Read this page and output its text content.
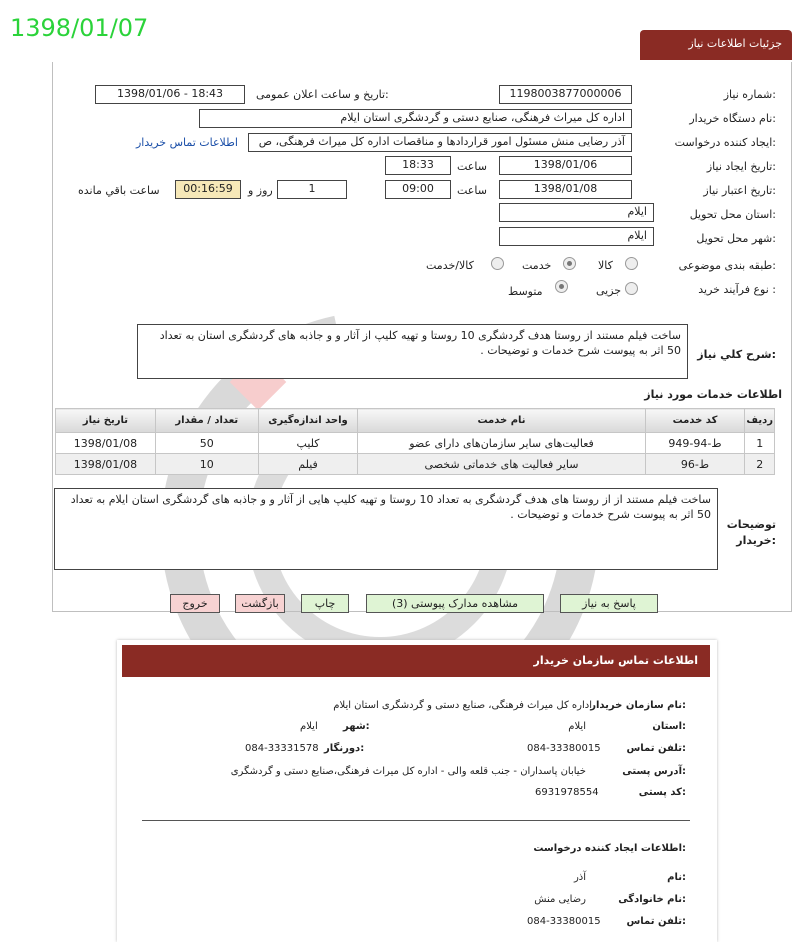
1398/01/07
جزئیات اطلاعات نیاز
شماره نیاز:
1198003877000006
تاریخ و ساعت اعلان عمومی:
1398/01/06 - 18:43
نام دستگاه خریدار:
اداره کل میراث فرهنگی، صنایع دستی و گردشگری استان ایلام
ایجاد کننده درخواست:
آذر رضایی منش مسئول امور قراردادها و مناقصات اداره کل میراث فرهنگی، ص
اطلاعات تماس خریدار
تاریخ ایجاد نیاز:
1398/01/06
ساعت
18:33
تاریخ اعتبار نیاز:
1398/01/08
ساعت
09:00
1
روز و
00:16:59
ساعت باقي مانده
استان محل تحویل:
ایلام
شهر محل تحویل:
ایلام
طبقه بندی موضوعی:
کالا
خدمت
کالا/خدمت
نوع فرآیند خرید :
جزیی
متوسط
شرح کلي نیاز:
ساخت فیلم مستند از روستا هدف گردشگری 10 روستا و تهیه کلیپ از آثار و و جاذبه های گردشگری استان به تعداد 50 اثر به پیوست شرح خدمات و توضیحات .
اطلاعات خدمات مورد نیاز
تاریخ نیاز	تعداد / مقدار	واحد اندازه‌گیری	نام خدمت	کد خدمت	ردیف
1398/01/08	50	کلیپ	فعالیت‌های سایر سازمان‌های دارای عضو	ط-94-949	1
1398/01/08	10	فیلم	سایر فعالیت های خدماتی شخصی	ط-96	2
توضیحات خریدار:
ساخت فیلم مستند از از روستا های هدف گردشگری به تعداد 10 روستا و تهیه کلیپ هایی از آثار و و جاذبه های گردشگری استان ایلام به تعداد 50 اثر به پیوست شرح خدمات و توضیحات .
پاسخ به نیاز
مشاهده مدارک پیوستی (3)
چاپ
بازگشت
خروج
اطلاعات تماس سازمان خریدار
نام سازمان خریدار:
اداره کل میراث فرهنگی، صنایع دستی و گردشگری استان ایلام
استان:
ایلام
شهر:
ایلام
تلفن تماس:
084-33380015
دورنگار:
084-33331578
آدرس پستی:
خیابان پاسداران - جنب قلعه والی - اداره کل میراث فرهنگی،صنایع دستی و گردشگری
کد پستی:
6931978554
اطلاعات ایجاد کننده درخواست:
نام:
آذر
نام خانوادگی:
رضایی منش
تلفن تماس:
084-33380015
